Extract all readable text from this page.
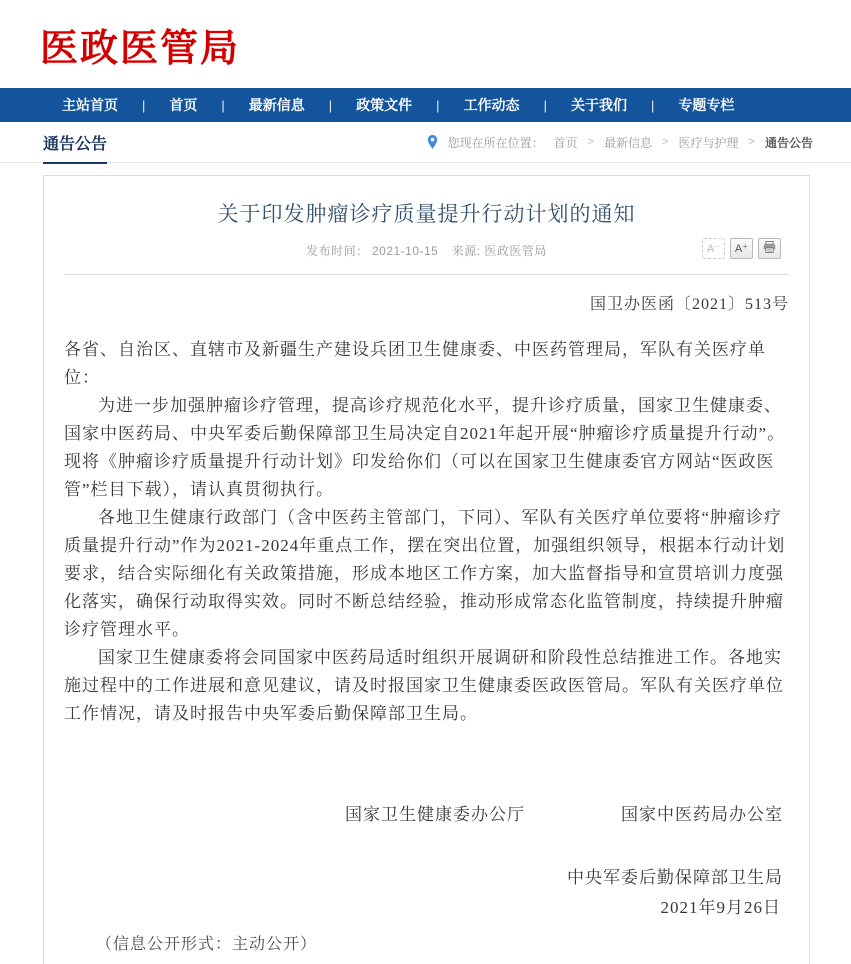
医政医管局
主站首页 | 首页 | 最新信息 | 政策文件 | 工作动态 | 关于我们 | 专题专栏
通告公告	您现在所在位置： 首页 > 最新信息 > 医疗与护理 > 通告公告
关于印发肿瘤诊疗质量提升行动计划的通知
发布时间： 2021-10-15 来源: 医政医管局	A⁻	A⁺
国卫办医函〔2021〕513号

各省、自治区、直辖市及新疆生产建设兵团卫生健康委、中医药管理局，军队有关医疗单位：

为进一步加强肿瘤诊疗管理，提高诊疗规范化水平，提升诊疗质量，国家卫生健康委、国家中医药局、中央军委后勤保障部卫生局决定自2021年起开展“肿瘤诊疗质量提升行动”。现将《肿瘤诊疗质量提升行动计划》印发给你们（可以在国家卫生健康委官方网站“医政医管”栏目下载），请认真贯彻执行。

各地卫生健康行政部门（含中医药主管部门，下同）、军队有关医疗单位要将“肿瘤诊疗质量提升行动”作为2021-2024年重点工作，摆在突出位置，加强组织领导，根据本行动计划要求，结合实际细化有关政策措施，形成本地区工作方案，加大监督指导和宣贯培训力度强化落实，确保行动取得实效。同时不断总结经验，推动形成常态化监管制度，持续提升肿瘤诊疗管理水平。

国家卫生健康委将会同国家中医药局适时组织开展调研和阶段性总结推进工作。各地实施过程中的工作进展和意见建议，请及时报国家卫生健康委医政医管局。军队有关医疗单位工作情况，请及时报告中央军委后勤保障部卫生局。

国家卫生健康委办公厅	国家中医药局办公室
中央军委后勤保障部卫生局
2021年9月26日
（信息公开形式：主动公开）
